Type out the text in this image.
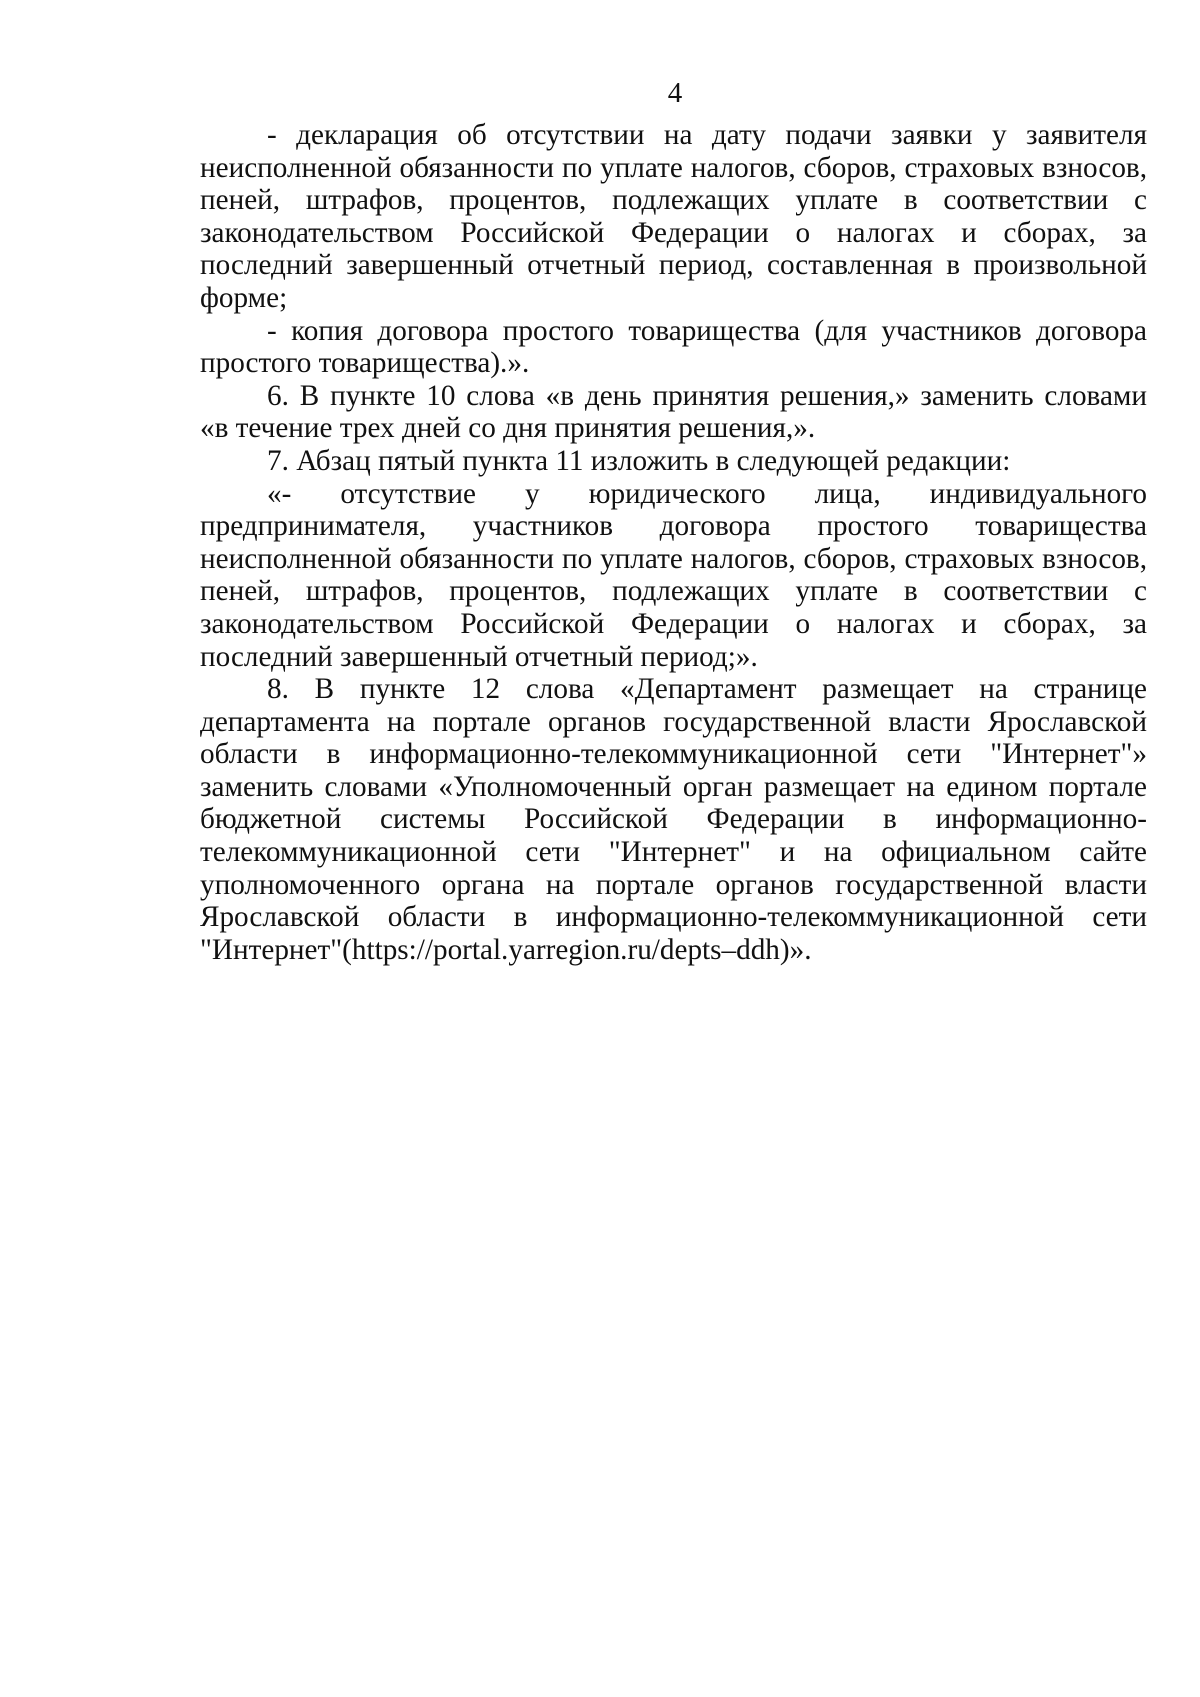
4

- декларация об отсутствии на дату подачи заявки у заявителя неисполненной обязанности по уплате налогов, сборов, страховых взносов, пеней, штрафов, процентов, подлежащих уплате в соответствии с законодательством Российской Федерации о налогах и сборах, за последний завершенный отчетный период, составленная в произвольной форме;

- копия договора простого товарищества (для участников договора простого товарищества).».

6. В пункте 10 слова «в день принятия решения,» заменить словами «в течение трех дней со дня принятия решения,».

7. Абзац пятый пункта 11 изложить в следующей редакции:

«- отсутствие у юридического лица, индивидуального предпринимателя, участников договора простого товарищества неисполненной обязанности по уплате налогов, сборов, страховых взносов, пеней, штрафов, процентов, подлежащих уплате в соответствии с законодательством Российской Федерации о налогах и сборах, за последний завершенный отчетный период;».

8. В пункте 12 слова «Департамент размещает на странице департамента на портале органов государственной власти Ярославской области в информационно-телекоммуникационной сети "Интернет"» заменить словами «Уполномоченный орган размещает на едином портале бюджетной системы Российской Федерации в информационно-телекоммуникационной сети "Интернет" и на официальном сайте уполномоченного органа на портале органов государственной власти Ярославской области в информационно-телекоммуникационной сети "Интернет"(https://portal.yarregion.ru/depts–ddh)».
